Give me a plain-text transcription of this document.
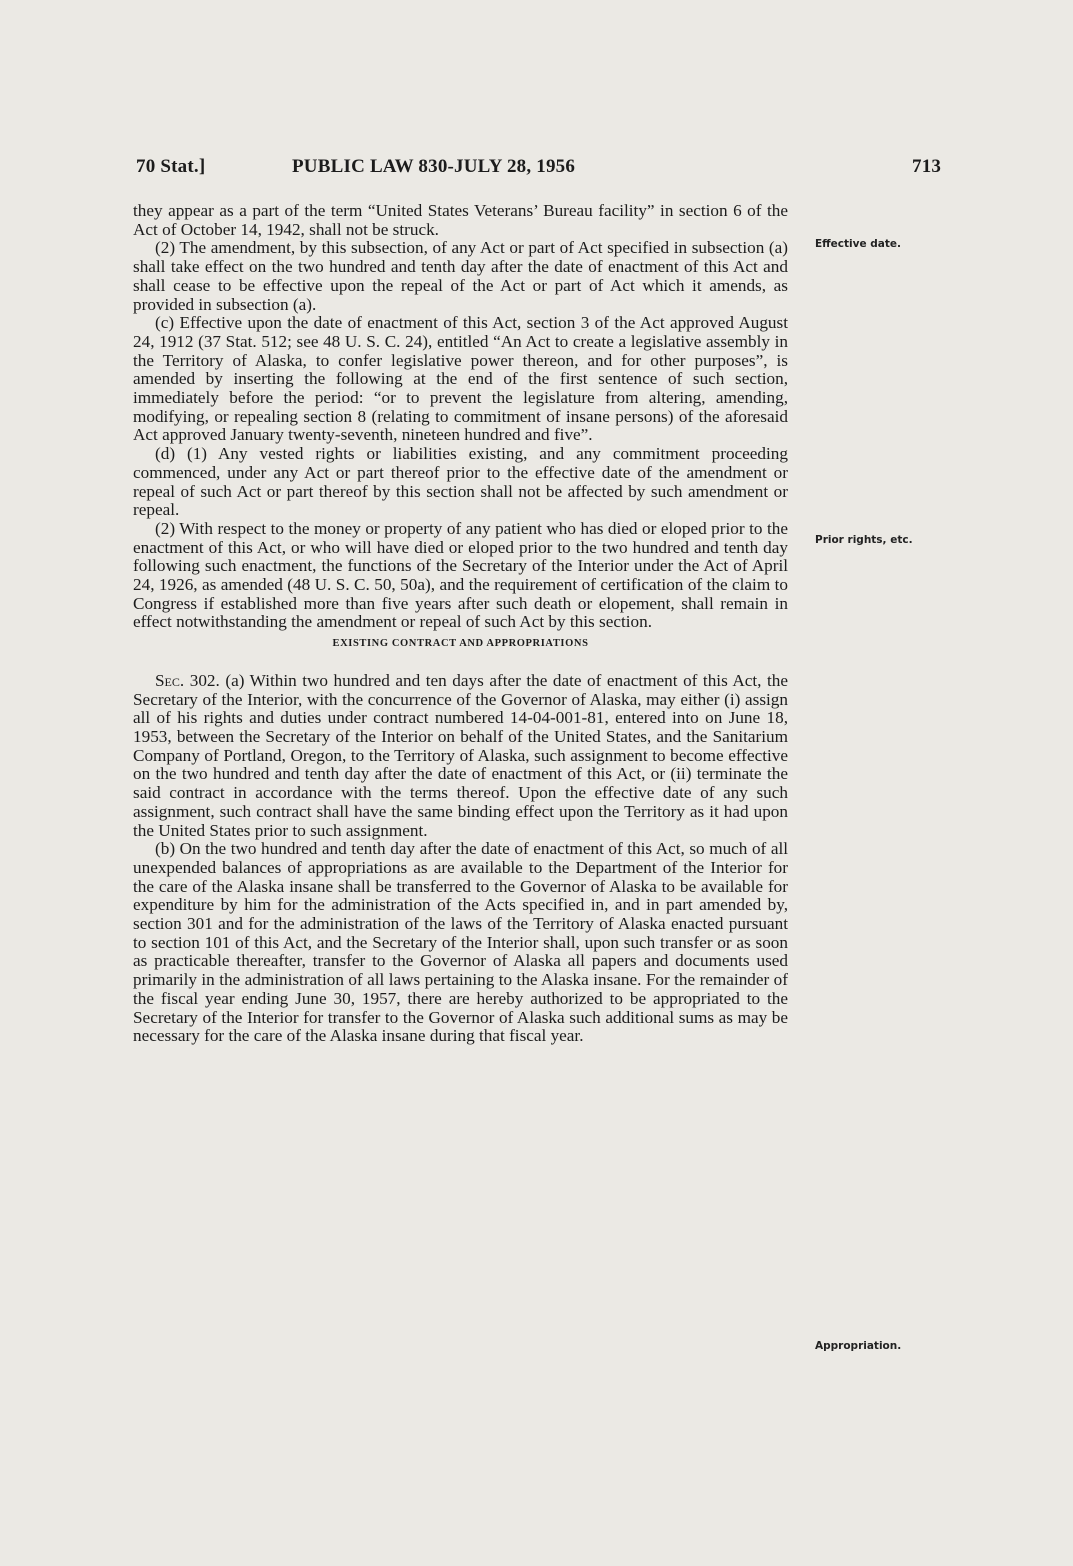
70 Stat.]	PUBLIC LAW 830-JULY 28, 1956	713

they appear as a part of the term “United States Veterans’ Bureau facility” in section 6 of the Act of October 14, 1942, shall not be struck.

(2) The amendment, by this subsection, of any Act or part of Act specified in subsection (a) shall take effect on the two hundred and tenth day after the date of enactment of this Act and shall cease to be effective upon the repeal of the Act or part of Act which it amends, as provided in subsection (a).

(c) Effective upon the date of enactment of this Act, section 3 of the Act approved August 24, 1912 (37 Stat. 512; see 48 U. S. C. 24), entitled “An Act to create a legislative assembly in the Territory of Alaska, to confer legislative power thereon, and for other purposes”, is amended by inserting the following at the end of the first sentence of such section, immediately before the period: “or to prevent the legislature from altering, amending, modifying, or repealing section 8 (relating to commitment of insane persons) of the aforesaid Act approved January twenty-seventh, nineteen hundred and five”.

(d) (1) Any vested rights or liabilities existing, and any commitment proceeding commenced, under any Act or part thereof prior to the effective date of the amendment or repeal of such Act or part thereof by this section shall not be affected by such amendment or repeal.

(2) With respect to the money or property of any patient who has died or eloped prior to the enactment of this Act, or who will have died or eloped prior to the two hundred and tenth day following such enactment, the functions of the Secretary of the Interior under the Act of April 24, 1926, as amended (48 U. S. C. 50, 50a), and the requirement of certification of the claim to Congress if established more than five years after such death or elopement, shall remain in effect notwithstanding the amendment or repeal of such Act by this section.

EXISTING CONTRACT AND APPROPRIATIONS

Sec. 302. (a) Within two hundred and ten days after the date of enactment of this Act, the Secretary of the Interior, with the concurrence of the Governor of Alaska, may either (i) assign all of his rights and duties under contract numbered 14-04-001-81, entered into on June 18, 1953, between the Secretary of the Interior on behalf of the United States, and the Sanitarium Company of Portland, Oregon, to the Territory of Alaska, such assignment to become effective on the two hundred and tenth day after the date of enactment of this Act, or (ii) terminate the said contract in accordance with the terms thereof. Upon the effective date of any such assignment, such contract shall have the same binding effect upon the Territory as it had upon the United States prior to such assignment.

(b) On the two hundred and tenth day after the date of enactment of this Act, so much of all unexpended balances of appropriations as are available to the Department of the Interior for the care of the Alaska insane shall be transferred to the Governor of Alaska to be available for expenditure by him for the administration of the Acts specified in, and in part amended by, section 301 and for the administration of the laws of the Territory of Alaska enacted pursuant to section 101 of this Act, and the Secretary of the Interior shall, upon such transfer or as soon as practicable thereafter, transfer to the Governor of Alaska all papers and documents used primarily in the administration of all laws pertaining to the Alaska insane. For the remainder of the fiscal year ending June 30, 1957, there are hereby authorized to be appropriated to the Secretary of the Interior for transfer to the Governor of Alaska such additional sums as may be necessary for the care of the Alaska insane during that fiscal year.

Effective date.
Prior rights, etc.
Appropriation.
